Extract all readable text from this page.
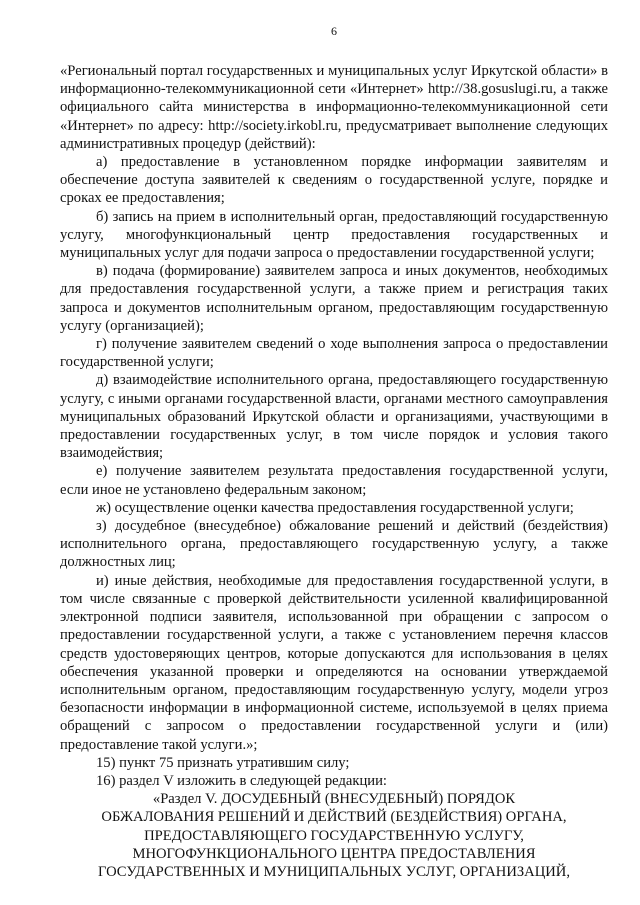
6

«Региональный портал государственных и муниципальных услуг Иркутской области» в информационно-телекоммуникационной сети «Интернет» http://38.gosuslugi.ru, а также официального сайта министерства в информационно-телекоммуникационной сети «Интернет» по адресу: http://society.irkobl.ru, предусматривает выполнение следующих административных процедур (действий):

а) предоставление в установленном порядке информации заявителям и обеспечение доступа заявителей к сведениям о государственной услуге, порядке и сроках ее предоставления;

б) запись на прием в исполнительный орган, предоставляющий государственную услугу, многофункциональный центр предоставления государственных и муниципальных услуг для подачи запроса о предоставлении государственной услуги;

в) подача (формирование) заявителем запроса и иных документов, необходимых для предоставления государственной услуги, а также прием и регистрация таких запроса и документов исполнительным органом, предоставляющим государственную услугу (организацией);

г) получение заявителем сведений о ходе выполнения запроса о предоставлении государственной услуги;

д) взаимодействие исполнительного органа, предоставляющего государственную услугу, с иными органами государственной власти, органами местного самоуправления муниципальных образований Иркутской области и организациями, участвующими в предоставлении государственных услуг, в том числе порядок и условия такого взаимодействия;

е) получение заявителем результата предоставления государственной услуги, если иное не установлено федеральным законом;

ж) осуществление оценки качества предоставления государственной услуги;

з) досудебное (внесудебное) обжалование решений и действий (бездействия) исполнительного органа, предоставляющего государственную услугу, а также должностных лиц;

и) иные действия, необходимые для предоставления государственной услуги, в том числе связанные с проверкой действительности усиленной квалифицированной электронной подписи заявителя, использованной при обращении с запросом о предоставлении государственной услуги, а также с установлением перечня классов средств удостоверяющих центров, которые допускаются для использования в целях обеспечения указанной проверки и определяются на основании утверждаемой исполнительным органом, предоставляющим государственную услугу, модели угроз безопасности информации в информационной системе, используемой в целях приема обращений с запросом о предоставлении государственной услуги и (или) предоставление такой услуги.»;

15) пункт 75 признать утратившим силу;

16) раздел V изложить в следующей редакции:

«Раздел V. ДОСУДЕБНЫЙ (ВНЕСУДЕБНЫЙ) ПОРЯДОК

ОБЖАЛОВАНИЯ РЕШЕНИЙ И ДЕЙСТВИЙ (БЕЗДЕЙСТВИЯ) ОРГАНА,

ПРЕДОСТАВЛЯЮЩЕГО ГОСУДАРСТВЕННУЮ УСЛУГУ,

МНОГОФУНКЦИОНАЛЬНОГО ЦЕНТРА ПРЕДОСТАВЛЕНИЯ

ГОСУДАРСТВЕННЫХ И МУНИЦИПАЛЬНЫХ УСЛУГ, ОРГАНИЗАЦИЙ,
